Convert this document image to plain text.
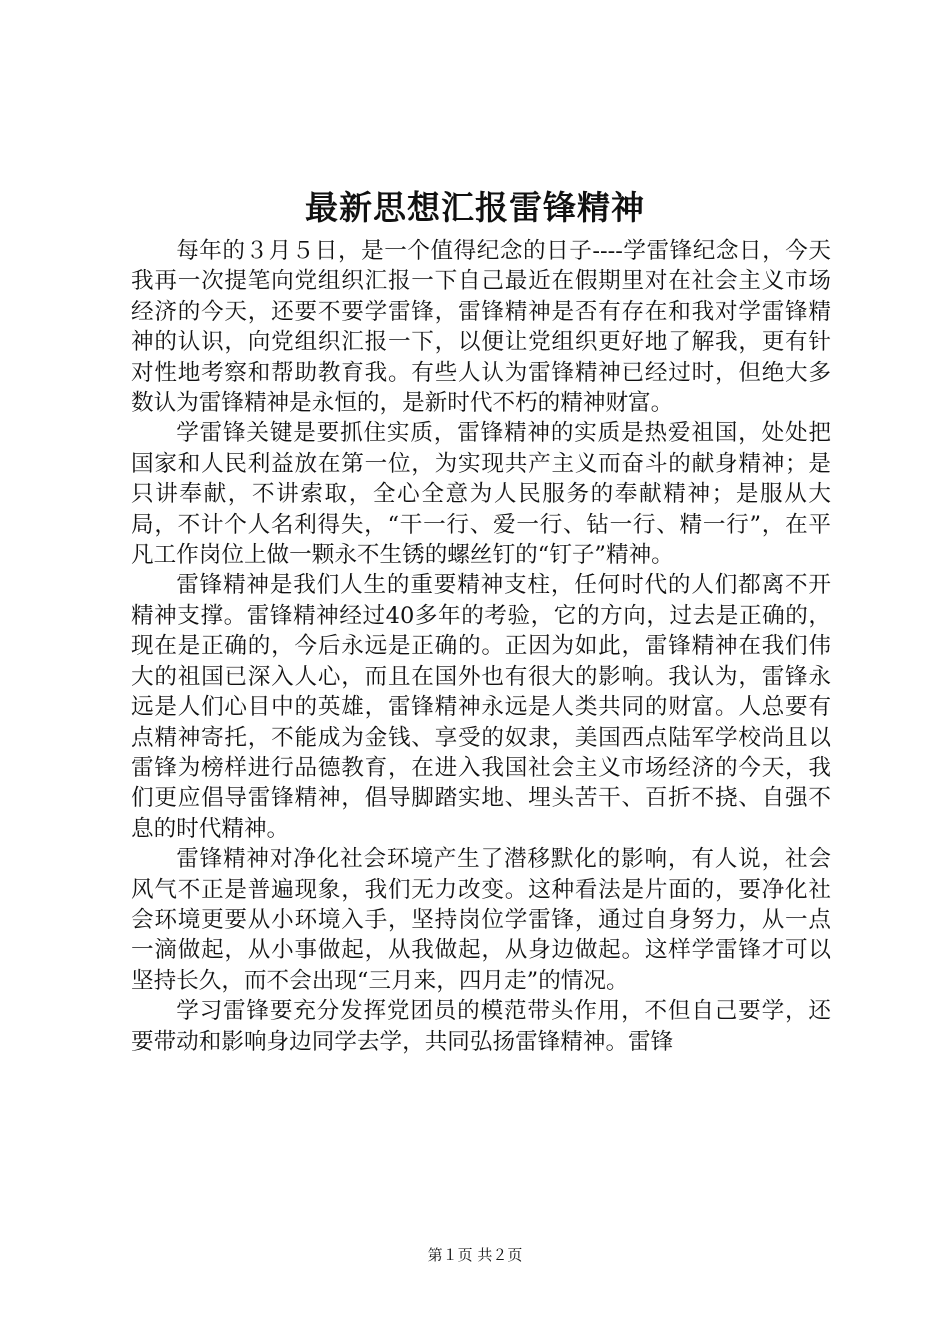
最新思想汇报雷锋精神

每年的３月５日，是一个值得纪念的日子----学雷锋纪念日，今天我再一次提笔向党组织汇报一下自己最近在假期里对在社会主义市场经济的今天，还要不要学雷锋，雷锋精神是否有存在和我对学雷锋精神的认识，向党组织汇报一下，以便让党组织更好地了解我，更有针对性地考察和帮助教育我。有些人认为雷锋精神已经过时，但绝大多数认为雷锋精神是永恒的，是新时代不朽的精神财富。

学雷锋关键是要抓住实质，雷锋精神的实质是热爱祖国，处处把国家和人民利益放在第一位，为实现共产主义而奋斗的献身精神；是只讲奉献，不讲索取，全心全意为人民服务的奉献精神；是服从大局，不计个人名利得失，“干一行、爱一行、钻一行、精一行”，在平凡工作岗位上做一颗永不生锈的螺丝钉的“钉子”精神。

雷锋精神是我们人生的重要精神支柱，任何时代的人们都离不开精神支撑。雷锋精神经过40多年的考验，它的方向，过去是正确的，现在是正确的，今后永远是正确的。正因为如此，雷锋精神在我们伟大的祖国已深入人心，而且在国外也有很大的影响。我认为，雷锋永远是人们心目中的英雄，雷锋精神永远是人类共同的财富。人总要有点精神寄托，不能成为金钱、享受的奴隶，美国西点陆军学校尚且以雷锋为榜样进行品德教育，在进入我国社会主义市场经济的今天，我们更应倡导雷锋精神，倡导脚踏实地、埋头苦干、百折不挠、自强不息的时代精神。

雷锋精神对净化社会环境产生了潜移默化的影响，有人说，社会风气不正是普遍现象，我们无力改变。这种看法是片面的，要净化社会环境更要从小环境入手，坚持岗位学雷锋，通过自身努力，从一点一滴做起，从小事做起，从我做起，从身边做起。这样学雷锋才可以坚持长久，而不会出现“三月来，四月走”的情况。

学习雷锋要充分发挥党团员的模范带头作用，不但自己要学，还要带动和影响身边同学去学，共同弘扬雷锋精神。雷锋

第１页 共２页
